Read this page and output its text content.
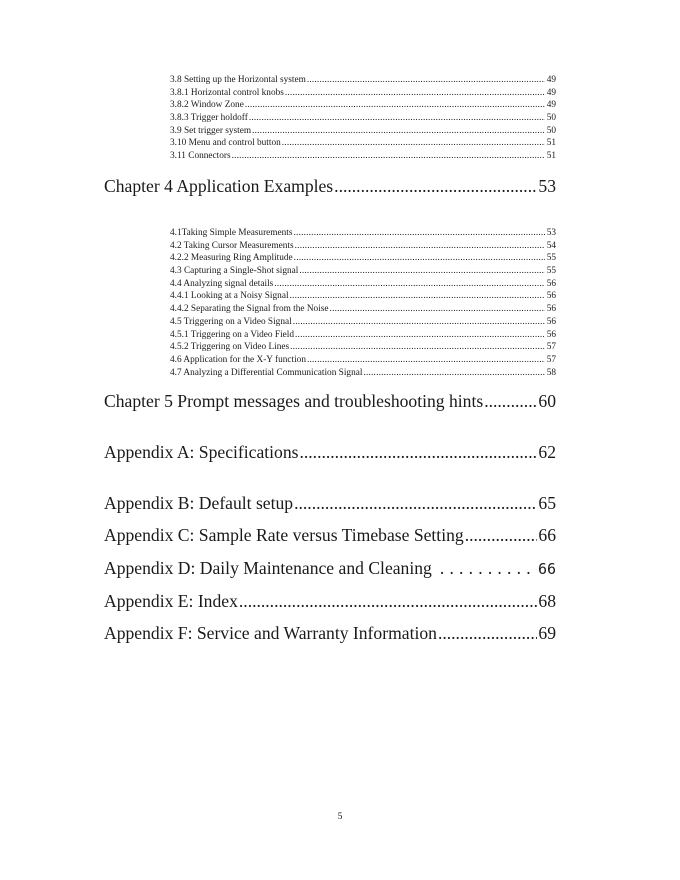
3.8 Setting up the Horizontal system .....	49
3.8.1 Horizontal control knobs .....	49
3.8.2 Window Zone .....	49
3.8.3 Trigger holdoff .....	50
3.9 Set trigger system .....	50
3.10 Menu and control button .....	51
3.11 Connectors .....	51
Chapter 4 Application Examples .....	53
4.1Taking Simple Measurements .....	53
4.2 Taking Cursor Measurements .....	54
4.2.2 Measuring Ring Amplitude .....	55
4.3 Capturing a Single-Shot signal .....	55
4.4 Analyzing signal details .....	56
4.4.1 Looking at a Noisy Signal .....	56
4.4.2 Separating the Signal from the Noise .....	56
4.5 Triggering on a Video Signal .....	56
4.5.1 Triggering on a Video Field .....	56
4.5.2 Triggering on Video Lines .....	57
4.6 Application for the X-Y function .....	57
4.7 Analyzing a Differential Communication Signal .....	58
Chapter 5 Prompt messages and troubleshooting hints .....	60
Appendix A: Specifications .....	62
Appendix B: Default setup .....	65
Appendix C: Sample Rate versus Timebase Setting .....	66
Appendix D: Daily Maintenance and Cleaning .....	66
Appendix E: Index .....	68
Appendix F: Service and Warranty Information .....	69
5
